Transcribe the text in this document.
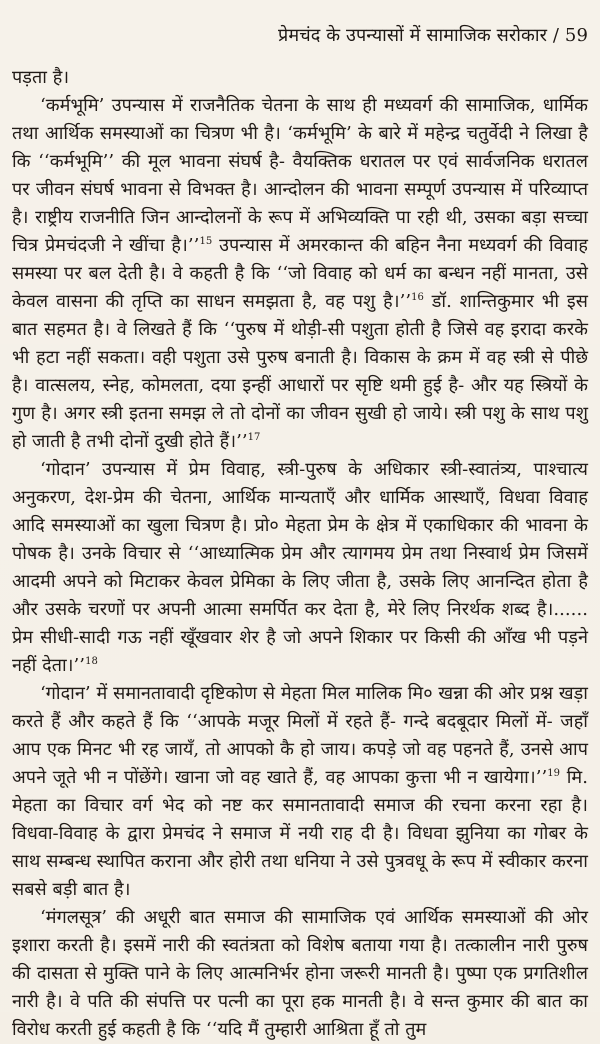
प्रेमचंद के उपन्यासों में सामाजिक सरोकार / 59

पड़ता है।

‘कर्मभूमि’ उपन्यास में राजनैतिक चेतना के साथ ही मध्यवर्ग की सामाजिक, धार्मिक तथा आर्थिक समस्याओं का चित्रण भी है। ‘कर्मभूमि’ के बारे में महेन्द्र चतुर्वेदी ने लिखा है कि ‘‘कर्मभूमि’’ की मूल भावना संघर्ष है- वैयक्तिक धरातल पर एवं सार्वजनिक धरातल पर जीवन संघर्ष भावना से विभक्त है। आन्दोलन की भावना सम्पूर्ण उपन्यास में परिव्याप्त है। राष्ट्रीय राजनीति जिन आन्दोलनों के रूप में अभिव्यक्ति पा रही थी, उसका बड़ा सच्चा चित्र प्रेमचंदजी ने खींचा है।’’$^{15}$ उपन्यास में अमरकान्त की बहिन नैना मध्यवर्ग की विवाह समस्या पर बल देती है। वे कहती है कि ‘‘जो विवाह को धर्म का बन्धन नहीं मानता, उसे केवल वासना की तृप्ति का साधन समझता है, वह पशु है।’’$^{16}$ डॉ. शान्तिकुमार भी इस बात सहमत है। वे लिखते हैं कि ‘‘पुरुष में थोड़ी-सी पशुता होती है जिसे वह इरादा करके भी हटा नहीं सकता। वही पशुता उसे पुरुष बनाती है। विकास के क्रम में वह स्त्री से पीछे है। वात्सलय, स्नेह, कोमलता, दया इन्हीं आधारों पर सृष्टि थमी हुई है- और यह स्त्रियों के गुण है। अगर स्त्री इतना समझ ले तो दोनों का जीवन सुखी हो जाये। स्त्री पशु के साथ पशु हो जाती है तभी दोनों दुखी होते हैं।’’$^{17}$

‘गोदान’ उपन्यास में प्रेम विवाह, स्त्री-पुरुष के अधिकार स्त्री-स्वातंत्र्य, पाश्चात्य अनुकरण, देश-प्रेम की चेतना, आर्थिक मान्यताएँ और धार्मिक आस्थाएँ, विधवा विवाह आदि समस्याओं का खुला चित्रण है। प्रो० मेहता प्रेम के क्षेत्र में एकाधिकार की भावना के पोषक है। उनके विचार से ‘‘आध्यात्मिक प्रेम और त्यागमय प्रेम तथा निस्वार्थ प्रेम जिसमें आदमी अपने को मिटाकर केवल प्रेमिका के लिए जीता है, उसके लिए आनन्दित होता है और उसके चरणों पर अपनी आत्मा समर्पित कर देता है, मेरे लिए निरर्थक शब्द है।...... प्रेम सीधी-सादी गऊ नहीं खूँखवार शेर है जो अपने शिकार पर किसी की आँख भी पड़ने नहीं देता।’’$^{18}$

‘गोदान’ में समानतावादी दृष्टिकोण से मेहता मिल मालिक मि० खन्ना की ओर प्रश्न खड़ा करते हैं और कहते हैं कि ‘‘आपके मजूर मिलों में रहते हैं- गन्दे बदबूदार मिलों में- जहाँ आप एक मिनट भी रह जायँ, तो आपको कै हो जाय। कपड़े जो वह पहनते हैं, उनसे आप अपने जूते भी न पोंछेंगे। खाना जो वह खाते हैं, वह आपका कुत्ता भी न खायेगा।’’$^{19}$ मि. मेहता का विचार वर्ग भेद को नष्ट कर समानतावादी समाज की रचना करना रहा है। विधवा-विवाह के द्वारा प्रेमचंद ने समाज में नयी राह दी है। विधवा झुनिया का गोबर के साथ सम्बन्ध स्थापित कराना और होरी तथा धनिया ने उसे पुत्रवधू के रूप में स्वीकार करना सबसे बड़ी बात है।

‘मंगलसूत्र’ की अधूरी बात समाज की सामाजिक एवं आर्थिक समस्याओं की ओर इशारा करती है। इसमें नारी की स्वतंत्रता को विशेष बताया गया है। तत्कालीन नारी पुरुष की दासता से मुक्ति पाने के लिए आत्मनिर्भर होना जरूरी मानती है। पुष्पा एक प्रगतिशील नारी है। वे पति की संपत्ति पर पत्नी का पूरा हक मानती है। वे सन्त कुमार की बात का विरोध करती हुई कहती है कि ‘‘यदि मैं तुम्हारी आश्रिता हूँ तो तुम
